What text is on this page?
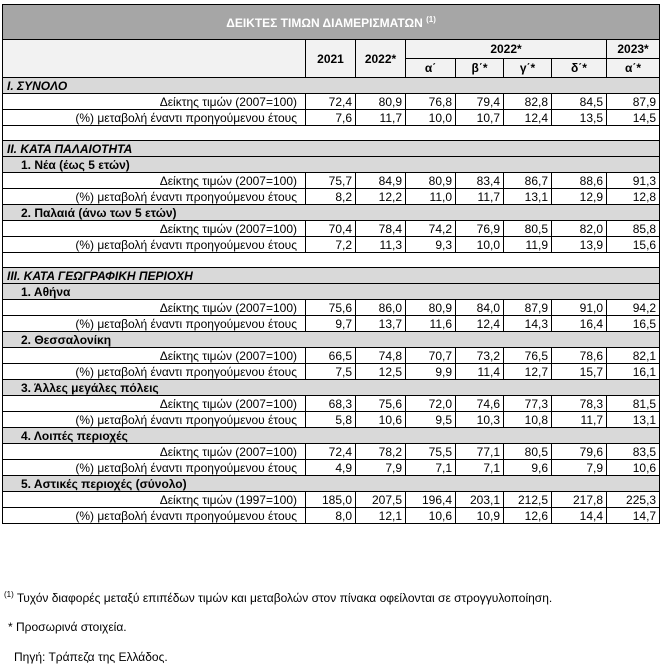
ΔΕΙΚΤΕΣ ΤΙΜΩΝ ΔΙΑΜΕΡΙΣΜΑΤΩΝ $^{(1)}$
	2021	2022*	2022*				2023*
			α΄	β΄*	γ΄*	δ΄*	α΄*
I. ΣΥΝΟΛΟ							
Δείκτης τιμών (2007=100)	72,4	80,9	76,8	79,4	82,8	84,5	87,9
(%) μεταβολή έναντι προηγούμενου έτους	7,6	11,7	10,0	10,7	12,4	13,5	14,5

II. ΚΑΤΑ ΠΑΛΑΙΟΤΗΤΑ							
1. Νέα (έως 5 ετών)							
Δείκτης τιμών (2007=100)	75,7	84,9	80,9	83,4	86,7	88,6	91,3
(%) μεταβολή έναντι προηγούμενου έτους	8,2	12,2	11,0	11,7	13,1	12,9	12,8
2. Παλαιά (άνω των 5 ετών)							
Δείκτης τιμών (2007=100)	70,4	78,4	74,2	76,9	80,5	82,0	85,8
(%) μεταβολή έναντι προηγούμενου έτους	7,2	11,3	9,3	10,0	11,9	13,9	15,6

III. ΚΑΤΑ ΓΕΩΓΡΑΦΙΚΗ ΠΕΡΙΟΧΗ							
1. Αθήνα							
Δείκτης τιμών (2007=100)	75,6	86,0	80,9	84,0	87,9	91,0	94,2
(%) μεταβολή έναντι προηγούμενου έτους	9,7	13,7	11,6	12,4	14,3	16,4	16,5
2. Θεσσαλονίκη							
Δείκτης τιμών (2007=100)	66,5	74,8	70,7	73,2	76,5	78,6	82,1
(%) μεταβολή έναντι προηγούμενου έτους	7,5	12,5	9,9	11,4	12,7	15,7	16,1
3. Άλλες μεγάλες πόλεις							
Δείκτης τιμών (2007=100)	68,3	75,6	72,0	74,6	77,3	78,3	81,5
(%) μεταβολή έναντι προηγούμενου έτους	5,8	10,6	9,5	10,3	10,8	11,7	13,1
4. Λοιπές περιοχές							
Δείκτης τιμών (2007=100)	72,4	78,2	75,5	77,1	80,5	79,6	83,5
(%) μεταβολή έναντι προηγούμενου έτους	4,9	7,9	7,1	7,1	9,6	7,9	10,6
5. Αστικές περιοχές (σύνολο)							
Δείκτης τιμών (1997=100)	185,0	207,5	196,4	203,1	212,5	217,8	225,3
(%) μεταβολή έναντι προηγούμενου έτους	8,0	12,1	10,6	10,9	12,6	14,4	14,7
$^{(1)}$ Τυχόν διαφορές μεταξύ επιπέδων τιμών και μεταβολών στον πίνακα οφείλονται σε στρογγυλοποίηση.
* Προσωρινά στοιχεία.
Πηγή: Τράπεζα της Ελλάδος.
